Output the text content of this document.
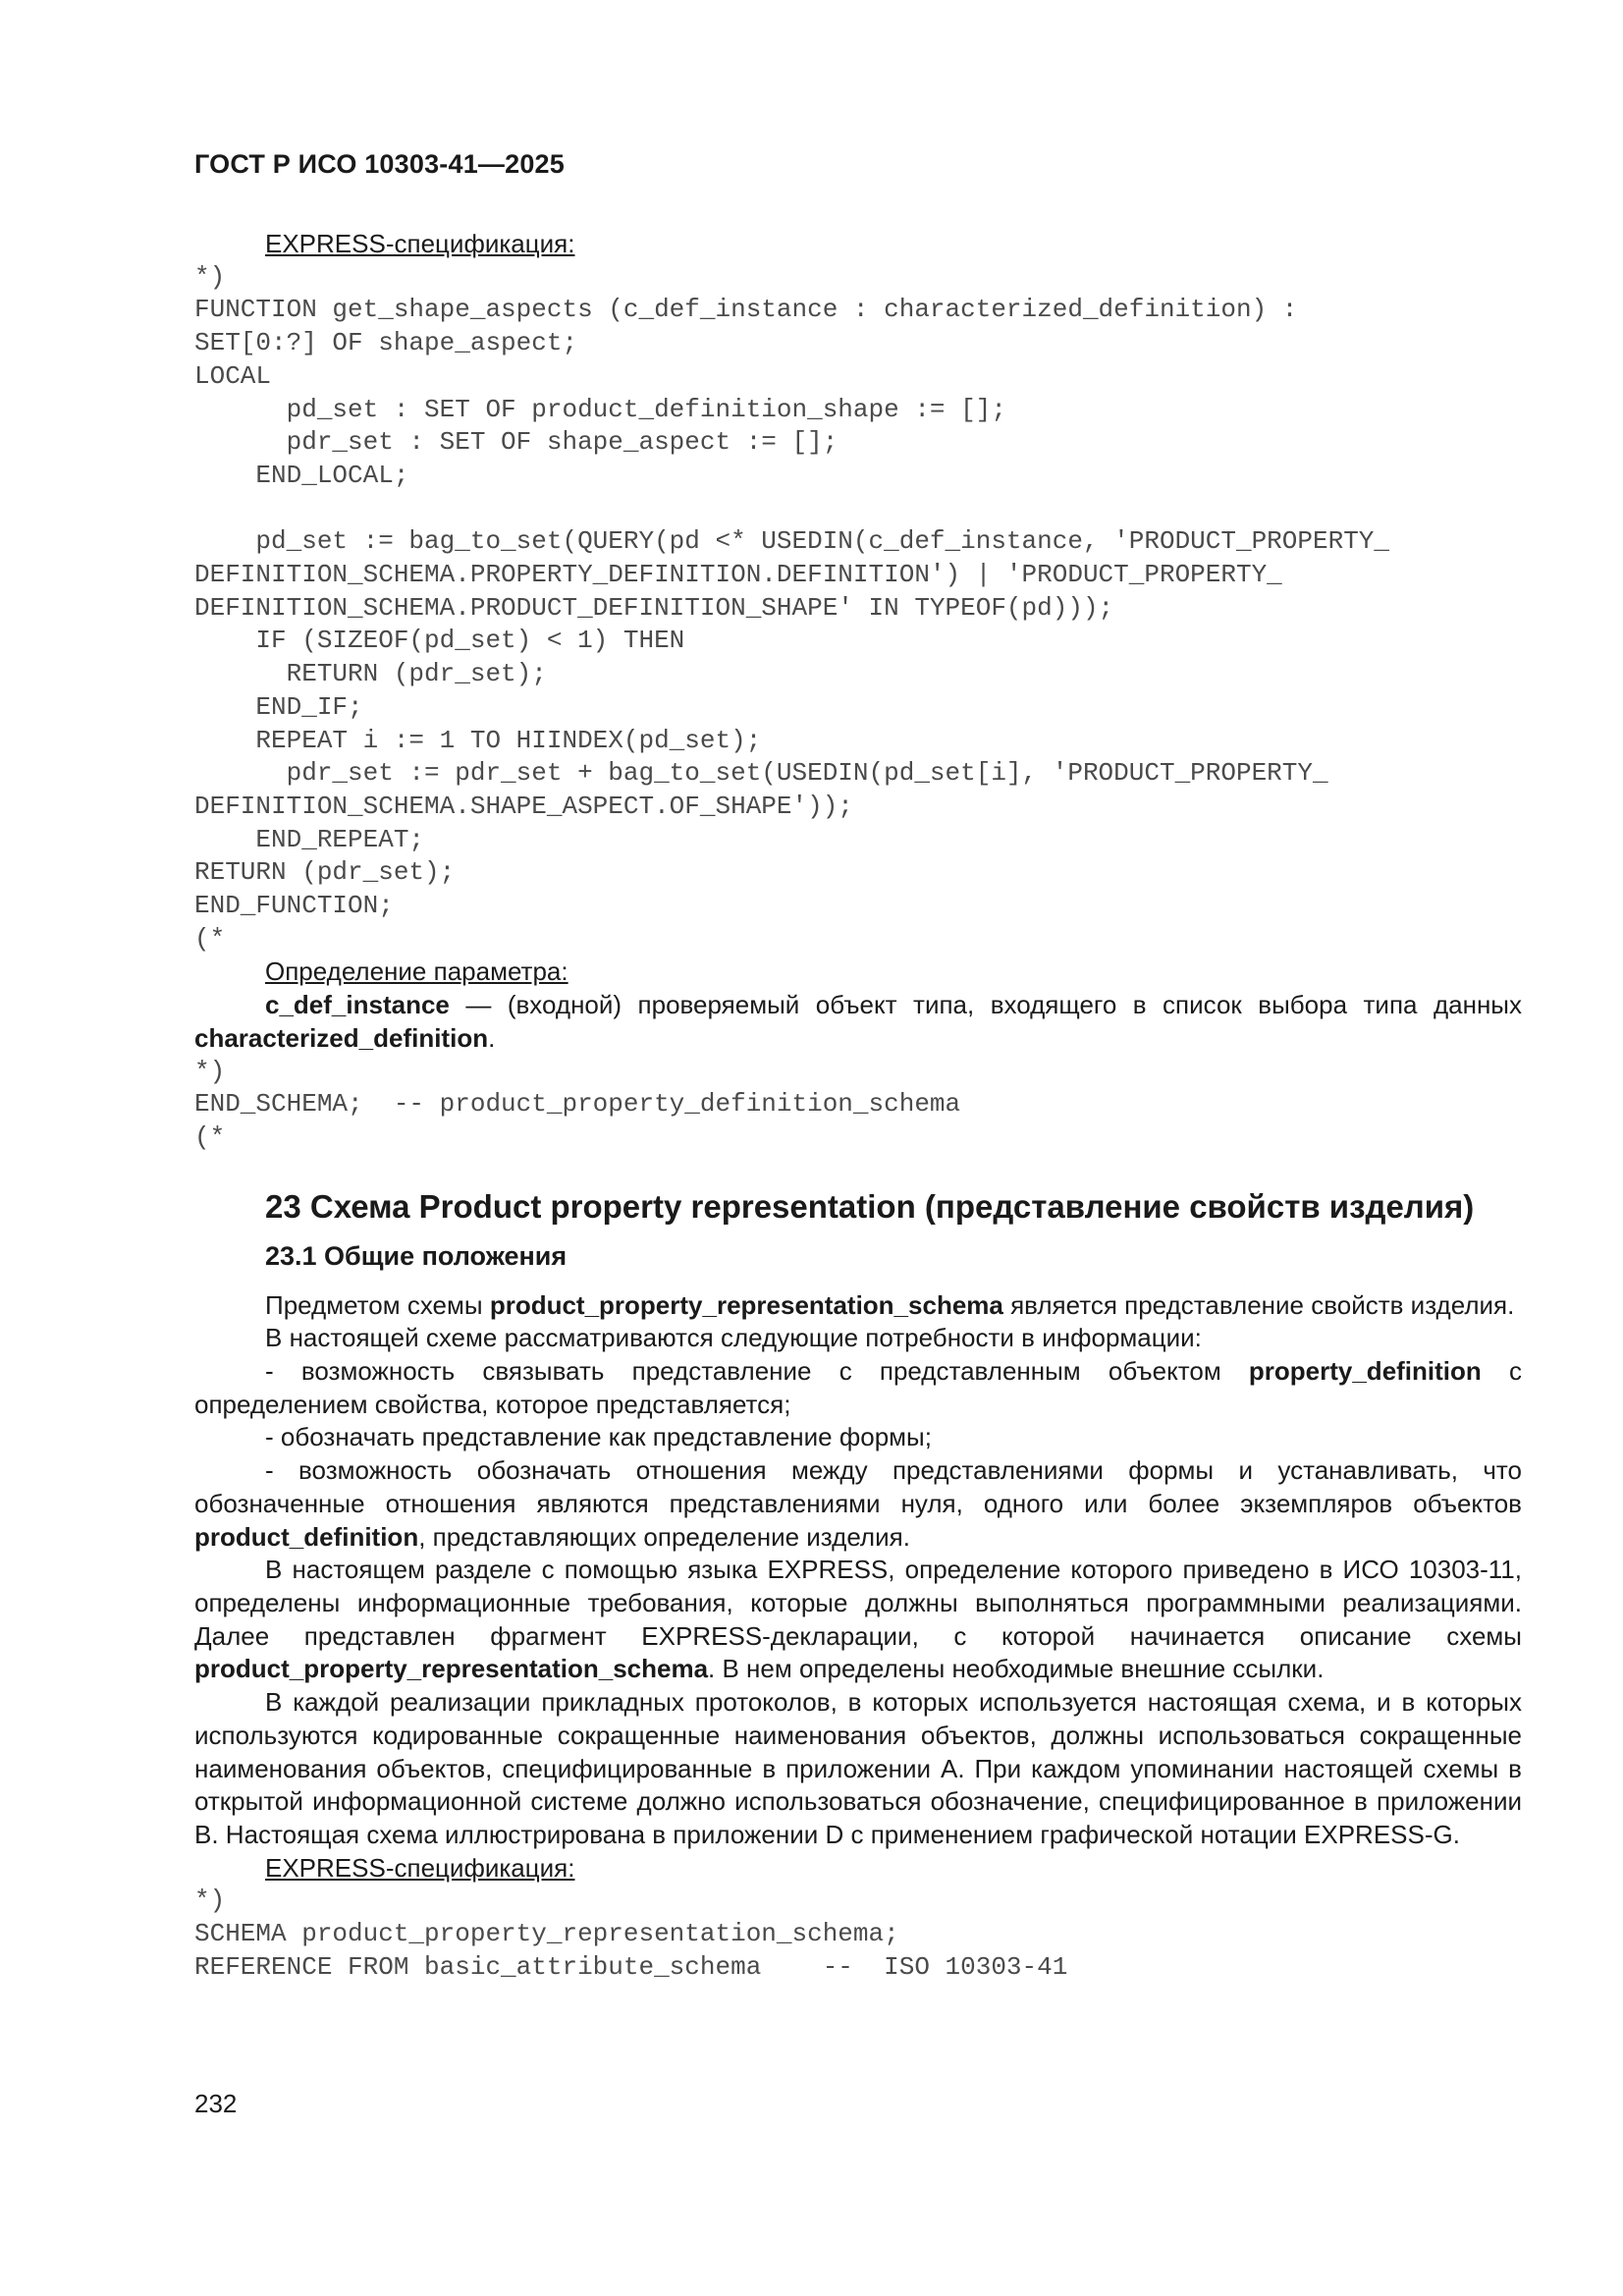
ГОСТ Р ИСО 10303-41—2025
EXPRESS-спецификация:
*)
FUNCTION get_shape_aspects (c_def_instance : characterized_definition) :
SET[0:?] OF shape_aspect;
LOCAL
pd_set : SET OF product_definition_shape := [];
pdr_set : SET OF shape_aspect := [];
END_LOCAL;
pd_set := bag_to_set(QUERY(pd <* USEDIN(c_def_instance, 'PRODUCT_PROPERTY_
DEFINITION_SCHEMA.PROPERTY_DEFINITION.DEFINITION') | 'PRODUCT_PROPERTY_
DEFINITION_SCHEMA.PRODUCT_DEFINITION_SHAPE' IN TYPEOF(pd)));
IF (SIZEOF(pd_set) < 1) THEN
RETURN (pdr_set);
END_IF;
REPEAT i := 1 TO HIINDEX(pd_set);
pdr_set := pdr_set + bag_to_set(USEDIN(pd_set[i], 'PRODUCT_PROPERTY_
DEFINITION_SCHEMA.SHAPE_ASPECT.OF_SHAPE'));
END_REPEAT;
RETURN (pdr_set);
END_FUNCTION;
(*
Определение параметра:
c_def_instance — (входной) проверяемый объект типа, входящего в список выбора типа данных characterized_definition.
*)
END_SCHEMA;  -- product_property_definition_schema
(*
23 Схема Product property representation (представление свойств изделия)
23.1 Общие положения
Предметом схемы product_property_representation_schema является представление свойств изделия.
В настоящей схеме рассматриваются следующие потребности в информации:
- возможность связывать представление с представленным объектом property_definition с определением свойства, которое представляется;
- обозначать представление как представление формы;
- возможность обозначать отношения между представлениями формы и устанавливать, что обозначенные отношения являются представлениями нуля, одного или более экземпляров объектов product_definition, представляющих определение изделия.
В настоящем разделе с помощью языка EXPRESS, определение которого приведено в ИСО 10303-11, определены информационные требования, которые должны выполняться программными реализациями. Далее представлен фрагмент EXPRESS-декларации, с которой начинается описание схемы product_property_representation_schema. В нем определены необходимые внешние ссылки.
В каждой реализации прикладных протоколов, в которых используется настоящая схема, и в которых используются кодированные сокращенные наименования объектов, должны использоваться сокращенные наименования объектов, специфицированные в приложении A. При каждом упоминании настоящей схемы в открытой информационной системе должно использоваться обозначение, специфицированное в приложении B. Настоящая схема иллюстрирована в приложении D с применением графической нотации EXPRESS-G.
EXPRESS-спецификация:
*)
SCHEMA product_property_representation_schema;
REFERENCE FROM basic_attribute_schema    --  ISO 10303-41
232
